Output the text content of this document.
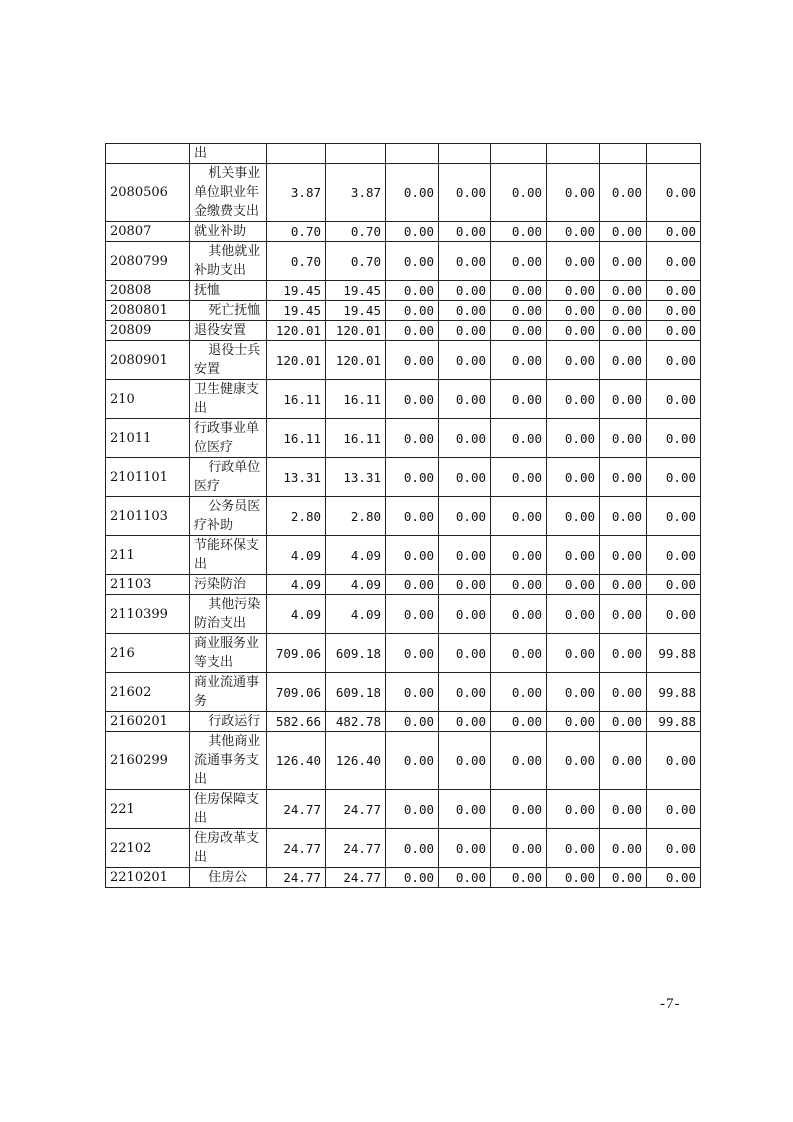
	出								
2080506	机关事业单位职业年金缴费支出	3.87	3.87	0.00	0.00	0.00	0.00	0.00	0.00
20807	就业补助	0.70	0.70	0.00	0.00	0.00	0.00	0.00	0.00
2080799	其他就业补助支出	0.70	0.70	0.00	0.00	0.00	0.00	0.00	0.00
20808	抚恤	19.45	19.45	0.00	0.00	0.00	0.00	0.00	0.00
2080801	死亡抚恤	19.45	19.45	0.00	0.00	0.00	0.00	0.00	0.00
20809	退役安置	120.01	120.01	0.00	0.00	0.00	0.00	0.00	0.00
2080901	退役士兵安置	120.01	120.01	0.00	0.00	0.00	0.00	0.00	0.00
210	卫生健康支出	16.11	16.11	0.00	0.00	0.00	0.00	0.00	0.00
21011	行政事业单位医疗	16.11	16.11	0.00	0.00	0.00	0.00	0.00	0.00
2101101	行政单位医疗	13.31	13.31	0.00	0.00	0.00	0.00	0.00	0.00
2101103	公务员医疗补助	2.80	2.80	0.00	0.00	0.00	0.00	0.00	0.00
211	节能环保支出	4.09	4.09	0.00	0.00	0.00	0.00	0.00	0.00
21103	污染防治	4.09	4.09	0.00	0.00	0.00	0.00	0.00	0.00
2110399	其他污染防治支出	4.09	4.09	0.00	0.00	0.00	0.00	0.00	0.00
216	商业服务业等支出	709.06	609.18	0.00	0.00	0.00	0.00	0.00	99.88
21602	商业流通事务	709.06	609.18	0.00	0.00	0.00	0.00	0.00	99.88
2160201	行政运行	582.66	482.78	0.00	0.00	0.00	0.00	0.00	99.88
2160299	其他商业流通事务支出	126.40	126.40	0.00	0.00	0.00	0.00	0.00	0.00
221	住房保障支出	24.77	24.77	0.00	0.00	0.00	0.00	0.00	0.00
22102	住房改革支出	24.77	24.77	0.00	0.00	0.00	0.00	0.00	0.00
2210201	住房公	24.77	24.77	0.00	0.00	0.00	0.00	0.00	0.00
-7-
